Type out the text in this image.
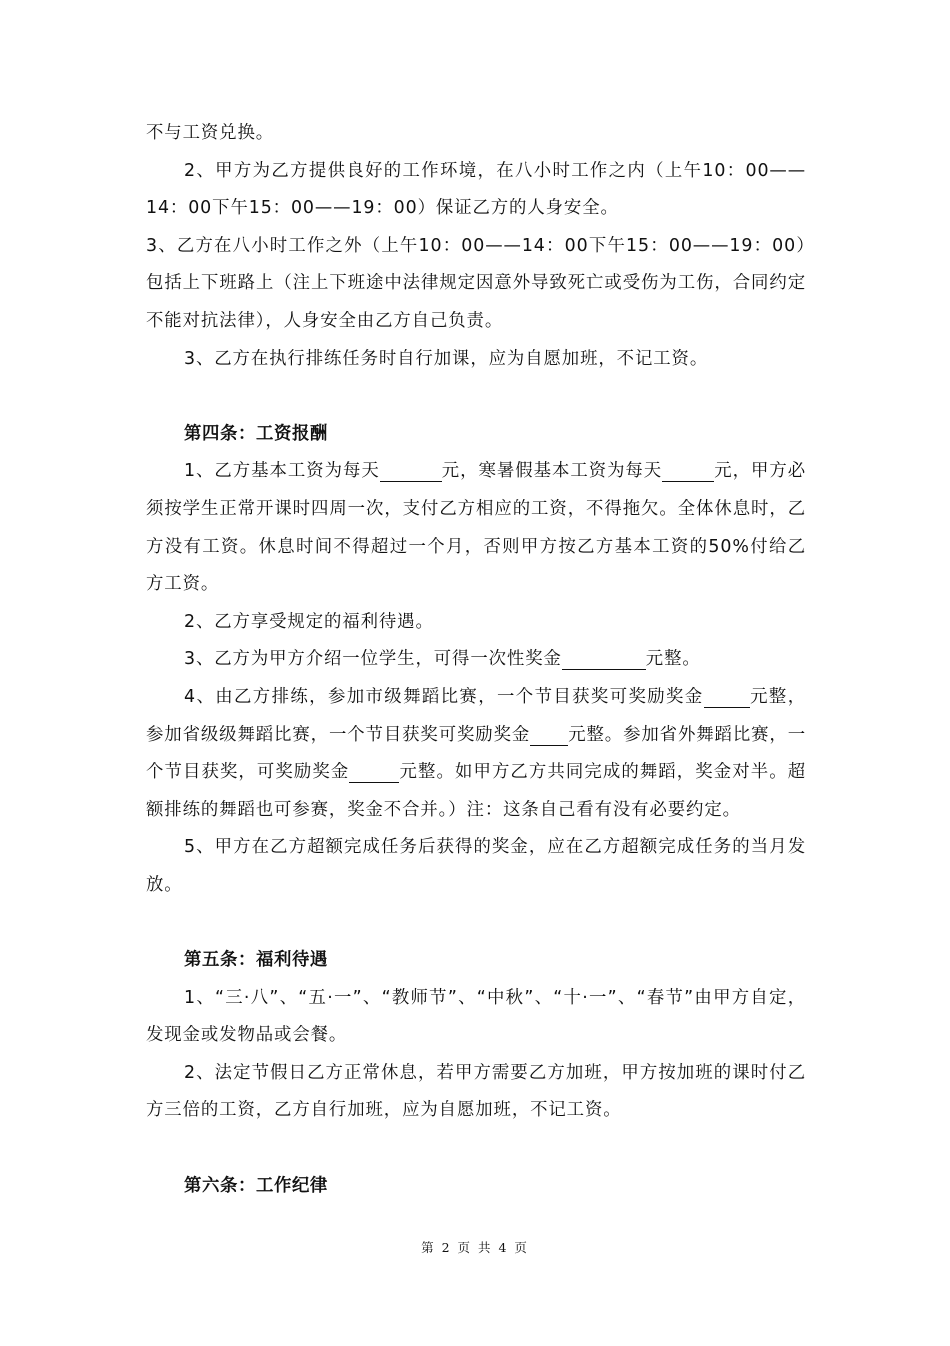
不与工资兑换。

2、甲方为乙方提供良好的工作环境，在八小时工作之内（上午10：00——14：00下午15：00——19：00）保证乙方的人身安全。

3、乙方在八小时工作之外（上午10：00——14：00下午15：00——19：00）包括上下班路上（注上下班途中法律规定因意外导致死亡或受伤为工伤，合同约定不能对抗法律），人身安全由乙方自己负责。

3、乙方在执行排练任务时自行加课，应为自愿加班，不记工资。

第四条：工资报酬

1、乙方基本工资为每天	元，寒暑假基本工资为每天	元，甲方必须按学生正常开课时四周一次，支付乙方相应的工资，不得拖欠。全体休息时，乙方没有工资。休息时间不得超过一个月，否则甲方按乙方基本工资的50%付给乙方工资。

2、乙方享受规定的福利待遇。

3、乙方为甲方介绍一位学生，可得一次性奖金	元整。

4、由乙方排练，参加市级舞蹈比赛，一个节目获奖可奖励奖金	元整，参加省级级舞蹈比赛，一个节目获奖可奖励奖金 元整。参加省外舞蹈比赛，一个节目获奖，可奖励奖金	元整。如甲方乙方共同完成的舞蹈，奖金对半。超额排练的舞蹈也可参赛，奖金不合并。）注：这条自己看有没有必要约定。

5、甲方在乙方超额完成任务后获得的奖金，应在乙方超额完成任务的当月发放。

第五条：福利待遇

1、“三·八”、“五·一”、“教师节”、“中秋”、“十·一”、“春节”由甲方自定，发现金或发物品或会餐。

2、法定节假日乙方正常休息，若甲方需要乙方加班，甲方按加班的课时付乙方三倍的工资，乙方自行加班，应为自愿加班，不记工资。

第六条：工作纪律

第 2 页 共 4 页
